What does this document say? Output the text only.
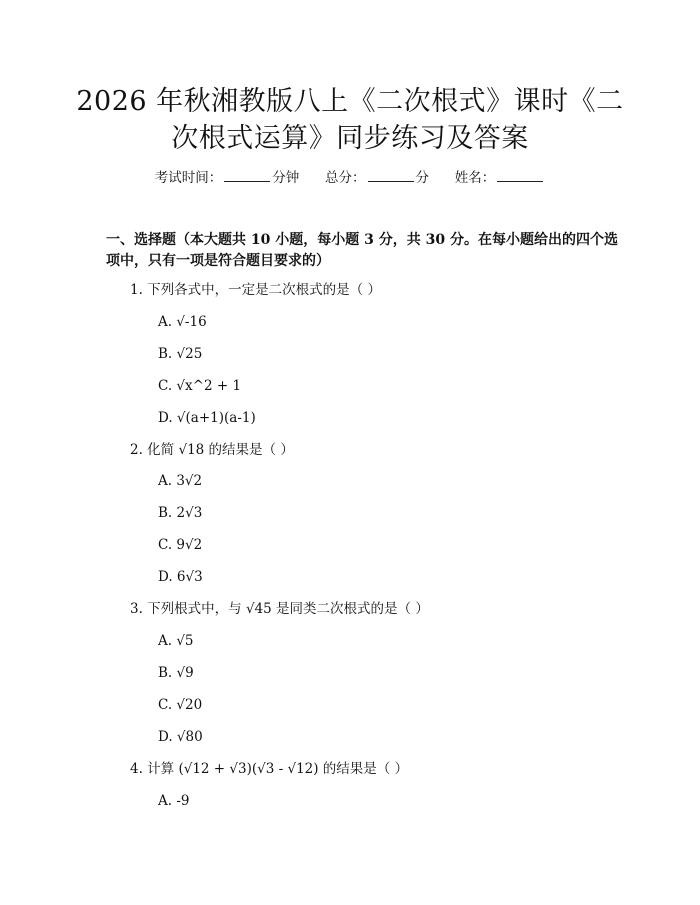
2026 年秋湘教版八上《二次根式》课时《二
次根式运算》同步练习及答案
考试时间：	分钟 总分：	分 姓名：
一、选择题（本大题共 10 小题，每小题 3 分，共 30 分。在每小题给出的四个选
项中，只有一项是符合题目要求的）
1. 下列各式中，一定是二次根式的是（ ）
A. √-16
B. √25
C. √x^2 + 1
D. √(a+1)(a-1)
2. 化简 √18 的结果是（ ）
A. 3√2
B. 2√3
C. 9√2
D. 6√3
3. 下列根式中，与 √45 是同类二次根式的是（ ）
A. √5
B. √9
C. √20
D. √80
4. 计算 (√12 + √3)(√3 - √12) 的结果是（ ）
A. -9
